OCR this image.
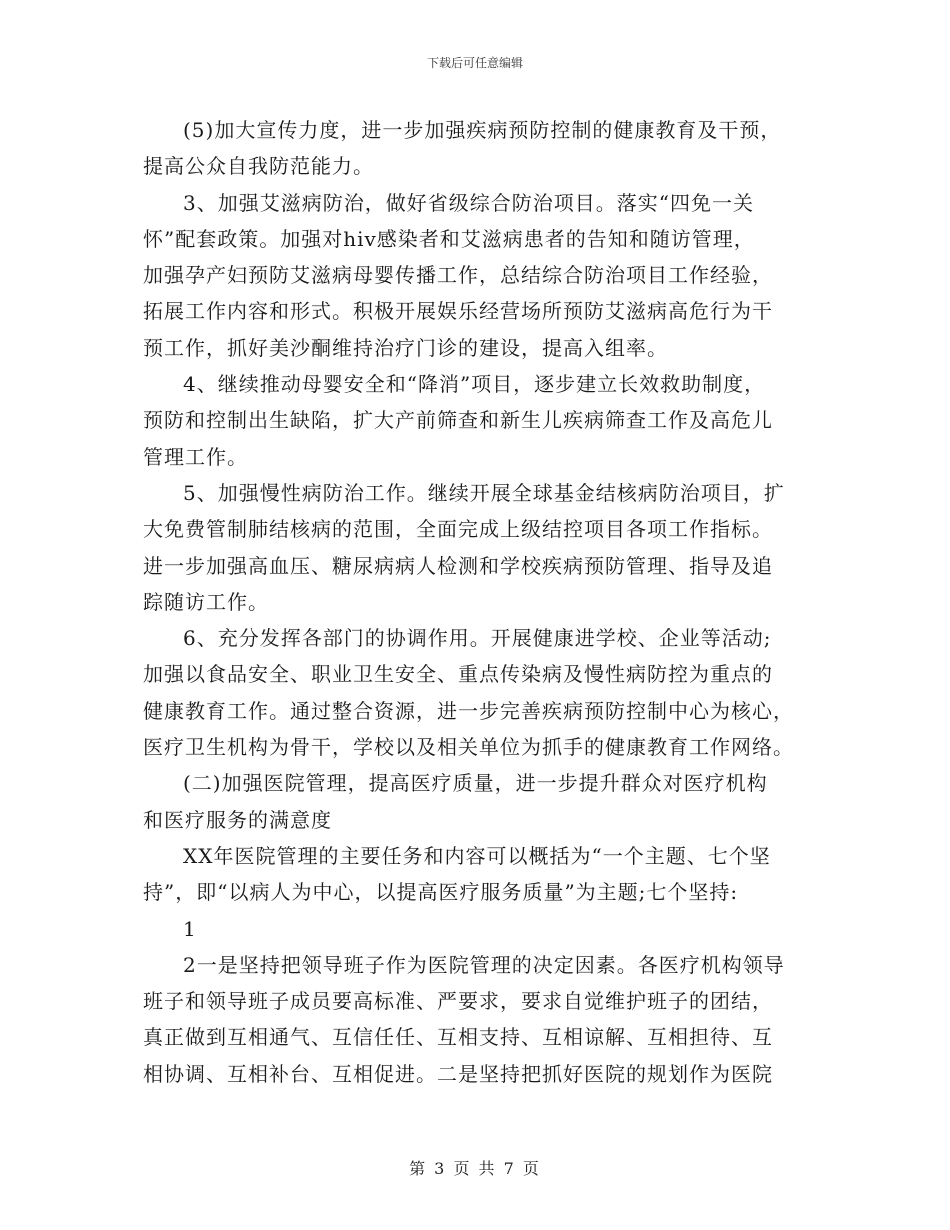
下载后可任意编辑

(5)加大宣传力度，进一步加强疾病预防控制的健康教育及干预，
提高公众自我防范能力。

3、加强艾滋病防治，做好省级综合防治项目。落实“四免一关
怀”配套政策。加强对hiv感染者和艾滋病患者的告知和随访管理，
加强孕产妇预防艾滋病母婴传播工作，总结综合防治项目工作经验，
拓展工作内容和形式。积极开展娱乐经营场所预防艾滋病高危行为干
预工作，抓好美沙酮维持治疗门诊的建设，提高入组率。

4、继续推动母婴安全和“降消”项目，逐步建立长效救助制度，
预防和控制出生缺陷，扩大产前筛查和新生儿疾病筛查工作及高危儿
管理工作。

5、加强慢性病防治工作。继续开展全球基金结核病防治项目，扩
大免费管制肺结核病的范围，全面完成上级结控项目各项工作指标。
进一步加强高血压、糖尿病病人检测和学校疾病预防管理、指导及追
踪随访工作。

6、充分发挥各部门的协调作用。开展健康进学校、企业等活动;
加强以食品安全、职业卫生安全、重点传染病及慢性病防控为重点的
健康教育工作。通过整合资源，进一步完善疾病预防控制中心为核心，
医疗卫生机构为骨干，学校以及相关单位为抓手的健康教育工作网络。

(二)加强医院管理，提高医疗质量，进一步提升群众对医疗机构
和医疗服务的满意度

XX年医院管理的主要任务和内容可以概括为“一个主题、七个坚
持”，即“以病人为中心，以提高医疗服务质量”为主题;七个坚持:

1

2一是坚持把领导班子作为医院管理的决定因素。各医疗机构领导
班子和领导班子成员要高标准、严要求，要求自觉维护班子的团结，
真正做到互相通气、互信任任、互相支持、互相谅解、互相担待、互
相协调、互相补台、互相促进。二是坚持把抓好医院的规划作为医院

第 3 页 共 7 页
